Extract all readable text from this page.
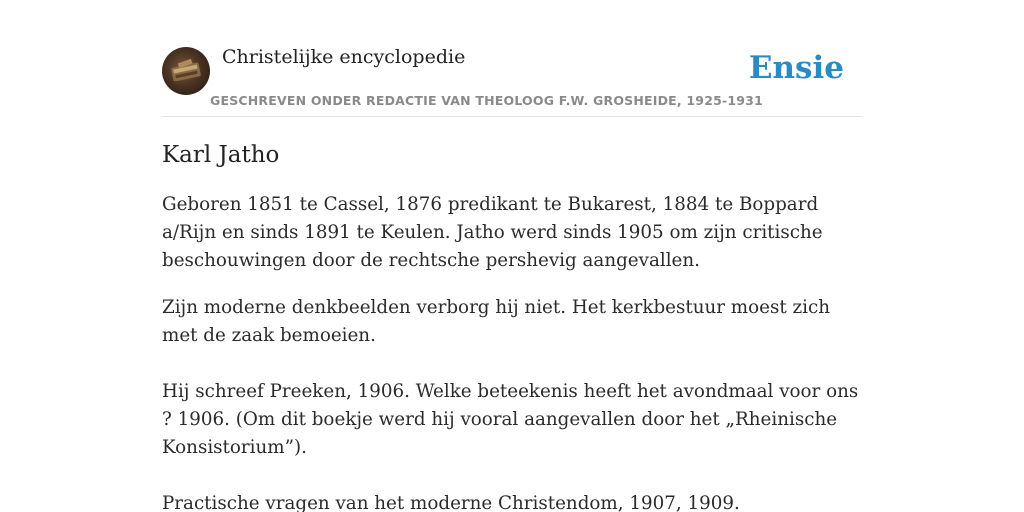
Christelijke encyclopedie
GESCHREVEN ONDER REDACTIE VAN THEOLOOG F.W. GROSHEIDE, 1925-1931
Ensie
Karl Jatho

Geboren 1851 te Cassel, 1876 predikant te Bukarest, 1884 te Boppard a/Rijn en sinds 1891 te Keulen. Jatho werd sinds 1905 om zijn critische beschouwingen door de rechtsche pershevig aangevallen.

Zijn moderne denkbeelden verborg hij niet. Het kerkbestuur moest zich met de zaak bemoeien.

Hij schreef Preeken, 1906. Welke beteekenis heeft het avondmaal voor ons ? 1906. (Om dit boekje werd hij vooral aangevallen door het „Rheinische Konsistorium”).

Practische vragen van het moderne Christendom, 1907, 1909.
